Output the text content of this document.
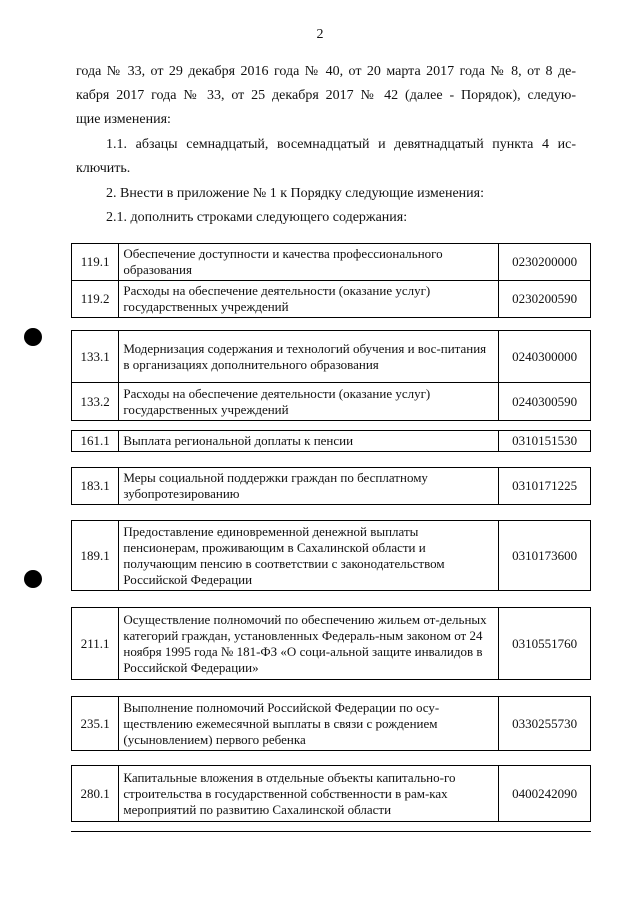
2
года № 33, от 29 декабря 2016 года № 40, от 20 марта 2017 года № 8, от 8 де-
кабря 2017 года № 33, от 25 декабря 2017 № 42 (далее - Порядок), следую-
щие изменения:
1.1. абзацы семнадцатый, восемнадцатый и девятнадцатый пункта 4 ис-
ключить.
2. Внести в приложение № 1 к Порядку следующие изменения:
2.1. дополнить строками следующего содержания:
119.1	Обеспечение доступности и качества профессионального образования	0230200000
119.2	Расходы на обеспечение деятельности (оказание услуг) государственных учреждений	0230200590
133.1	Модернизация содержания и технологий обучения и вос-питания в организациях дополнительного образования	0240300000
133.2	Расходы на обеспечение деятельности (оказание услуг) государственных учреждений	0240300590
161.1	Выплата региональной доплаты к пенсии	0310151530
183.1	Меры социальной поддержки граждан по бесплатному зубопротезированию	0310171225
189.1	Предоставление единовременной денежной выплаты пенсионерам, проживающим в Сахалинской области и получающим пенсию в соответствии с законодательством Российской Федерации	0310173600
211.1	Осуществление полномочий по обеспечению жильем от-дельных категорий граждан, установленных Федераль-ным законом от 24 ноября 1995 года № 181-ФЗ «О соци-альной защите инвалидов в Российской Федерации»	0310551760
235.1	Выполнение полномочий Российской Федерации по осу-ществлению ежемесячной выплаты в связи с рождением (усыновлением) первого ребенка	0330255730
280.1	Капитальные вложения в отдельные объекты капитально-го строительства в государственной собственности в рам-ках мероприятий по развитию Сахалинской области	0400242090
